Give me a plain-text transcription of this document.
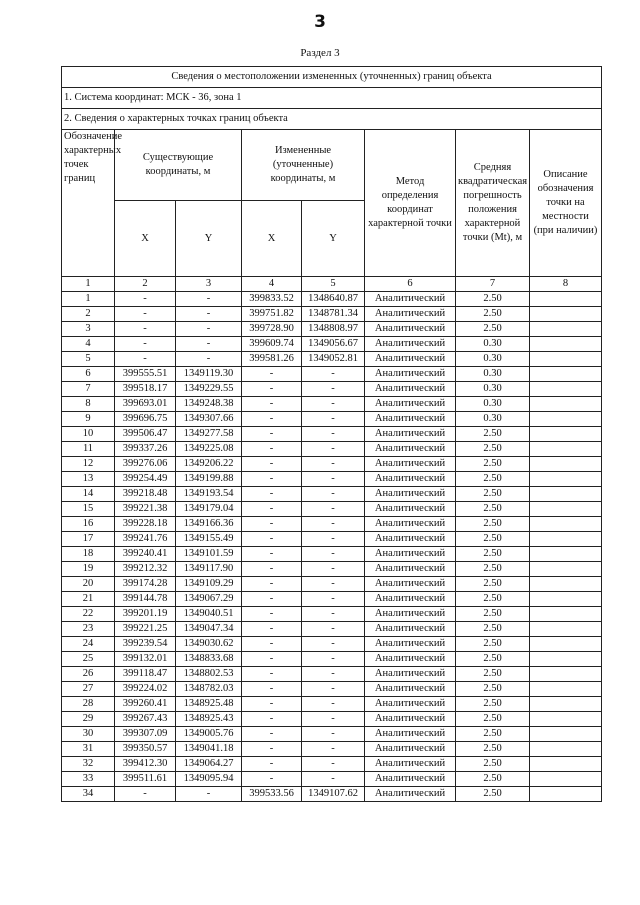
3
Раздел 3
Сведения о местоположении измененных (уточненных) границ объекта							
1. Система координат: МСК - 36, зона 1							
2. Сведения о характерных точках границ объекта							
Обозначение характерных точек границ	Существующие координаты, м		Измененные (уточненные) координаты, м		Метод определения координат характерной точки	Средняя квадратическая погрешность положения характерной точки (Mt), м	Описание обозначения точки на местности (при наличии)
	X	Y	X	Y			
1	2	3	4	5	6	7	8
1	-	-	399833.52	1348640.87	Аналитический	2.50	
2	-	-	399751.82	1348781.34	Аналитический	2.50	
3	-	-	399728.90	1348808.97	Аналитический	2.50	
4	-	-	399609.74	1349056.67	Аналитический	0.30	
5	-	-	399581.26	1349052.81	Аналитический	0.30	
6	399555.51	1349119.30	-	-	Аналитический	0.30	
7	399518.17	1349229.55	-	-	Аналитический	0.30	
8	399693.01	1349248.38	-	-	Аналитический	0.30	
9	399696.75	1349307.66	-	-	Аналитический	0.30	
10	399506.47	1349277.58	-	-	Аналитический	2.50	
11	399337.26	1349225.08	-	-	Аналитический	2.50	
12	399276.06	1349206.22	-	-	Аналитический	2.50	
13	399254.49	1349199.88	-	-	Аналитический	2.50	
14	399218.48	1349193.54	-	-	Аналитический	2.50	
15	399221.38	1349179.04	-	-	Аналитический	2.50	
16	399228.18	1349166.36	-	-	Аналитический	2.50	
17	399241.76	1349155.49	-	-	Аналитический	2.50	
18	399240.41	1349101.59	-	-	Аналитический	2.50	
19	399212.32	1349117.90	-	-	Аналитический	2.50	
20	399174.28	1349109.29	-	-	Аналитический	2.50	
21	399144.78	1349067.29	-	-	Аналитический	2.50	
22	399201.19	1349040.51	-	-	Аналитический	2.50	
23	399221.25	1349047.34	-	-	Аналитический	2.50	
24	399239.54	1349030.62	-	-	Аналитический	2.50	
25	399132.01	1348833.68	-	-	Аналитический	2.50	
26	399118.47	1348802.53	-	-	Аналитический	2.50	
27	399224.02	1348782.03	-	-	Аналитический	2.50	
28	399260.41	1348925.48	-	-	Аналитический	2.50	
29	399267.43	1348925.43	-	-	Аналитический	2.50	
30	399307.09	1349005.76	-	-	Аналитический	2.50	
31	399350.57	1349041.18	-	-	Аналитический	2.50	
32	399412.30	1349064.27	-	-	Аналитический	2.50	
33	399511.61	1349095.94	-	-	Аналитический	2.50	
34	-	-	399533.56	1349107.62	Аналитический	2.50	
